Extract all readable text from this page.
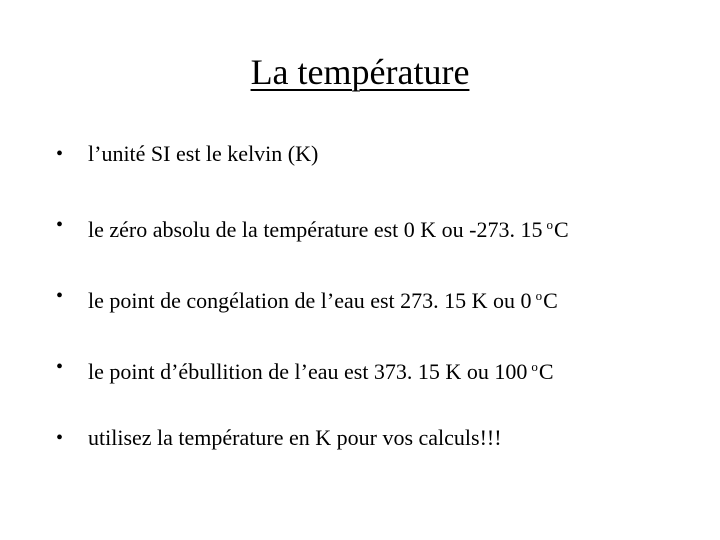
La température
•	l’unité SI est le kelvin (K)
•	le zéro absolu de la température est 0 K ou -273. 15 $^o$C
•	le point de congélation de l’eau est 273. 15 K ou 0 $^o$C
•	le point d’ébullition de l’eau est 373. 15 K ou 100 $^o$C
•	utilisez la température en K pour vos calculs!!!
